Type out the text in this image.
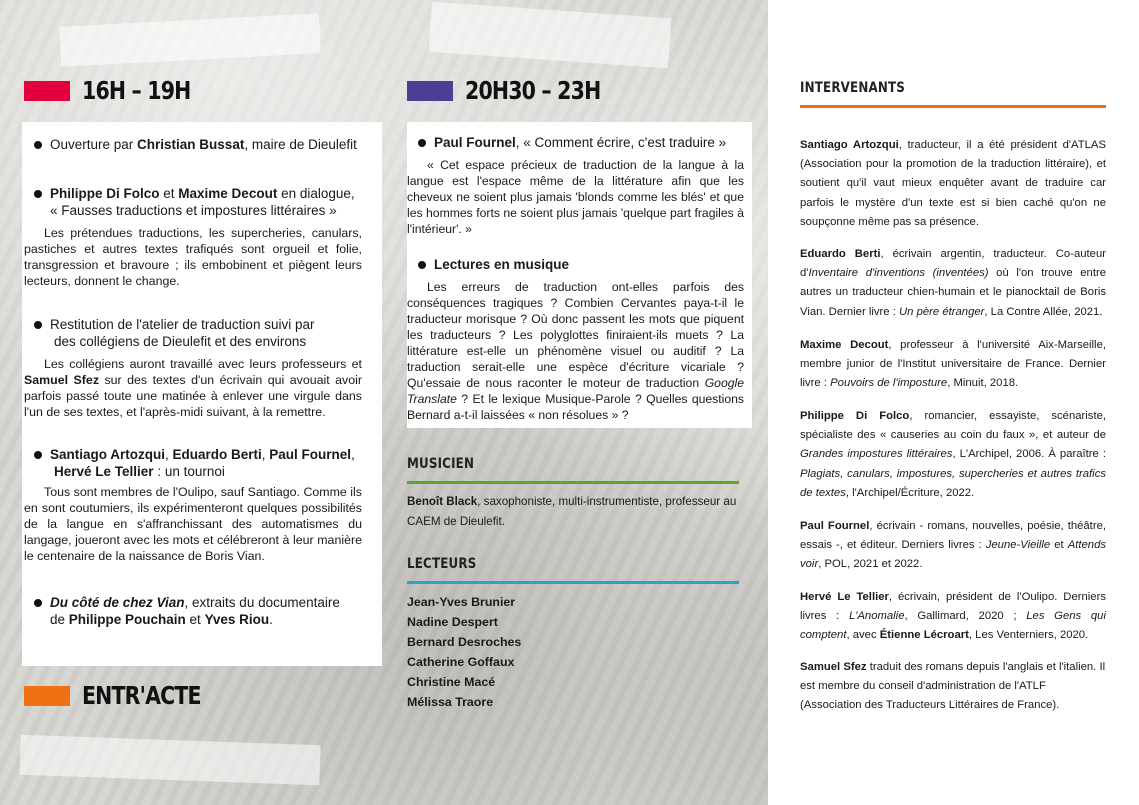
16H – 19H
Ouverture par Christian Bussat, maire de Dieulefit
Philippe Di Folco et Maxime Decout en dialogue,
« Fausses traductions et impostures littéraires »
Les prétendues traductions, les supercheries, canulars, pastiches et autres textes trafiqués sont orgueil et folie, transgression et bravoure ; ils embobinent et piègent leurs lecteurs, donnent le change.
Restitution de l'atelier de traduction suivi par
des collégiens de Dieulefit et des environs
Les collégiens auront travaillé avec leurs professeurs et Samuel Sfez sur des textes d'un écrivain qui avouait avoir parfois passé toute une matinée à enlever une virgule dans l'un de ses textes, et l'après-midi suivant, à la remettre.
Santiago Artozqui, Eduardo Berti, Paul Fournel,
Hervé Le Tellier : un tournoi
Tous sont membres de l'Oulipo, sauf Santiago. Comme ils en sont coutumiers, ils expérimenteront quelques possibilités de la langue en s'affranchissant des automatismes du langage, joueront avec les mots et célébreront à leur manière le centenaire de la naissance de Boris Vian.
Du côté de chez Vian, extraits du documentaire
de Philippe Pouchain et Yves Riou.
ENTR'ACTE
20H30 – 23H
Paul Fournel, « Comment écrire, c'est traduire »
« Cet espace précieux de traduction de la langue à la langue est l'espace même de la littérature afin que les cheveux ne soient plus jamais 'blonds comme les blés' et que les hommes forts ne soient plus jamais 'quelque part fragiles à l'intérieur'. »
Lectures en musique
Les erreurs de traduction ont-elles parfois des conséquences tragiques ? Combien Cervantes paya-t-il le traducteur morisque ? Où donc passent les mots que piquent les traducteurs ? Les polyglottes finiraient-ils muets ? La littérature est-elle un phénomène visuel ou auditif ? La traduction serait-elle une espèce d'écriture vicariale ? Qu'essaie de nous raconter le moteur de traduction Google Translate ? Et le lexique Musique-Parole ? Quelles questions Bernard a-t-il laissées « non résolues » ?
MUSICIEN
Benoît Black, saxophoniste, multi-instrumentiste, professeur au CAEM de Dieulefit.
LECTEURS
Jean-Yves Brunier
Nadine Despert
Bernard Desroches
Catherine Goffaux
Christine Macé
Mélissa Traore
INTERVENANTS
Santiago Artozqui, traducteur, il a été président d'ATLAS (Association pour la promotion de la traduction littéraire), et soutient qu'il vaut mieux enquêter avant de traduire car parfois le mystère d'un texte est si bien caché qu'on ne soupçonne même pas sa présence.
Eduardo Berti, écrivain argentin, traducteur. Co-auteur d'Inventaire d'inventions (inventées) où l'on trouve entre autres un traducteur chien-humain et le pianocktail de Boris Vian. Dernier livre : Un père étranger, La Contre Allée, 2021.
Maxime Decout, professeur à l'université Aix-Marseille, membre junior de l'Institut universitaire de France. Dernier livre : Pouvoirs de l'imposture, Minuit, 2018.
Philippe Di Folco, romancier, essayiste, scénariste, spécialiste des « causeries au coin du faux », et auteur de Grandes impostures littéraires, L'Archipel, 2006. À paraître : Plagiats, canulars, impostures, supercheries et autres trafics de textes, l'Archipel/Écriture, 2022.
Paul Fournel, écrivain - romans, nouvelles, poésie, théâtre, essais -, et éditeur. Derniers livres : Jeune-Vieille et Attends voir, POL, 2021 et 2022.
Hervé Le Tellier, écrivain, président de l'Oulipo. Derniers livres : L'Anomalie, Gallimard, 2020 ; Les Gens qui comptent, avec Étienne Lécroart, Les Venterniers, 2020.
Samuel Sfez traduit des romans depuis l'anglais et l'italien. Il est membre du conseil d'administration de l'ATLF (Association des Traducteurs Littéraires de France).
